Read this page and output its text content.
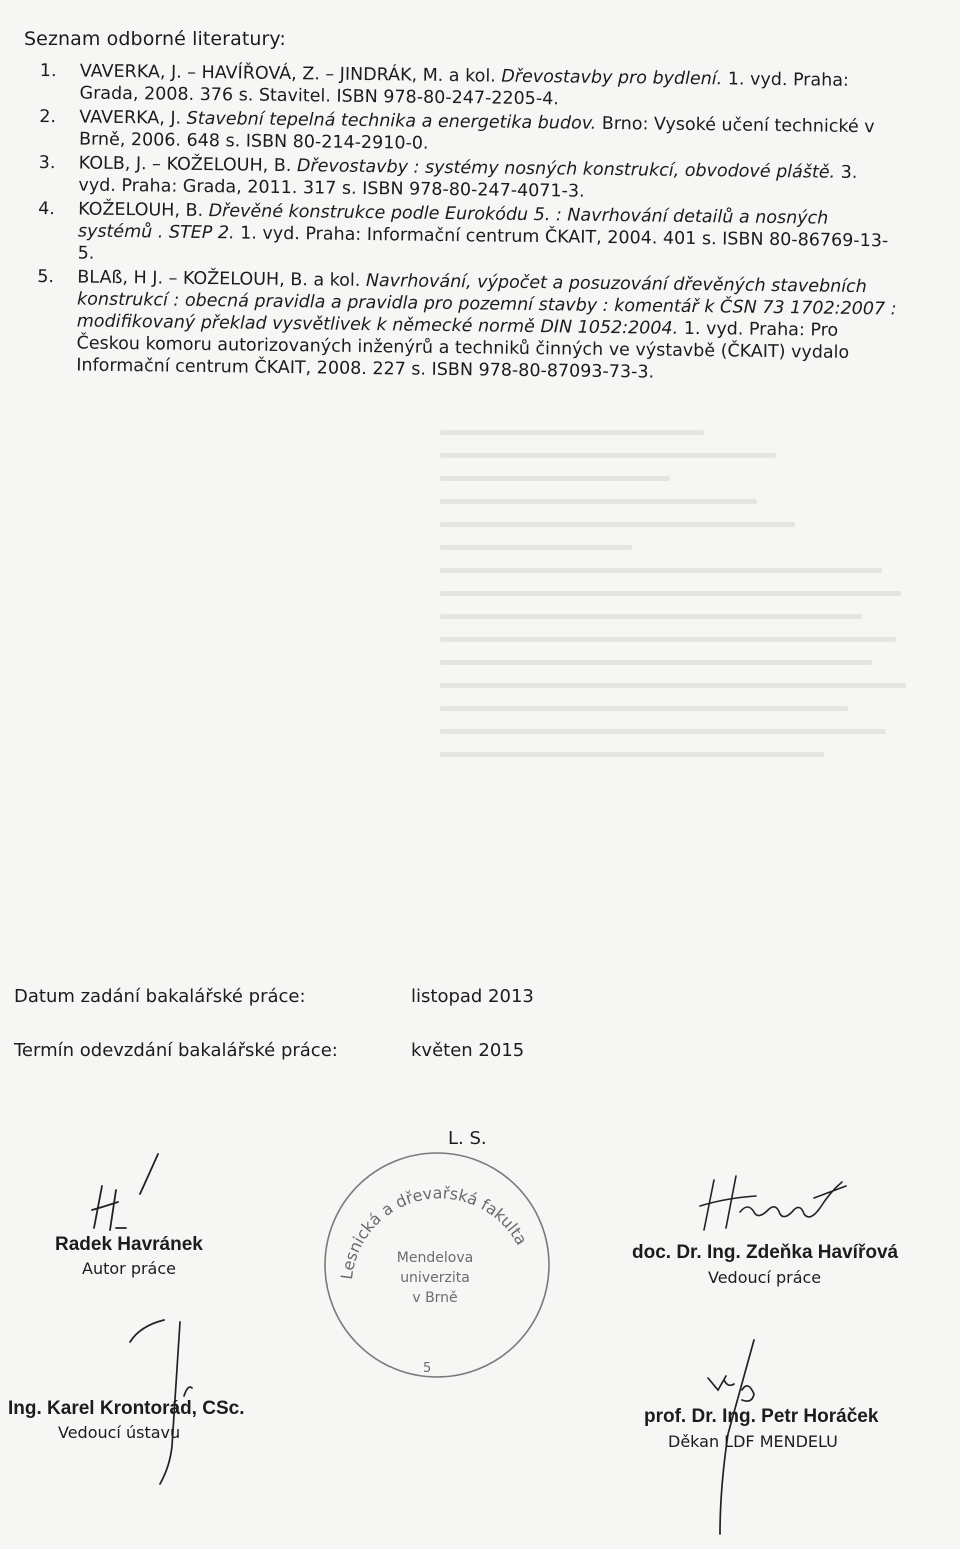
Seznam odborné literatury:
1.	VAVERKA, J. – HAVÍŘOVÁ, Z. – JINDRÁK, M. a kol. Dřevostavby pro bydlení. 1. vyd. Praha: Grada, 2008. 376 s. Stavitel. ISBN 978-80-247-2205-4.
2.	VAVERKA, J. Stavební tepelná technika a energetika budov. Brno: Vysoké učení technické v Brně, 2006. 648 s. ISBN 80-214-2910-0.
3.	KOLB, J. – KOŽELOUH, B. Dřevostavby : systémy nosných konstrukcí, obvodové pláště. 3. vyd. Praha: Grada, 2011. 317 s. ISBN 978-80-247-4071-3.
4.	KOŽELOUH, B. Dřevěné konstrukce podle Eurokódu 5. : Navrhování detailů a nosných systémů . STEP 2. 1. vyd. Praha: Informační centrum ČKAIT, 2004. 401 s. ISBN 80-86769-13-5.
5.	BLAß, H J. – KOŽELOUH, B. a kol. Navrhování, výpočet a posuzování dřevěných stavebních konstrukcí : obecná pravidla a pravidla pro pozemní stavby : komentář k ČSN 73 1702:2007 : modifikovaný překlad vysvětlivek k německé normě DIN 1052:2004. 1. vyd. Praha: Pro Českou komoru autorizovaných inženýrů a techniků činných ve výstavbě (ČKAIT) vydalo Informační centrum ČKAIT, 2008. 227 s. ISBN 978-80-87093-73-3.
Datum zadání bakalářské práce:	listopad 2013
Termín odevzdání bakalářské práce:	květen 2015
L. S.
Lesnická a dřevařská fakulta
Mendelova
univerzita
v Brně
5
Radek Havránek
Autor práce
doc. Dr. Ing. Zdeňka Havířová
Vedoucí práce
Ing. Karel Krontorád, CSc.
Vedoucí ústavu
prof. Dr. Ing. Petr Horáček
Děkan LDF MENDELU
